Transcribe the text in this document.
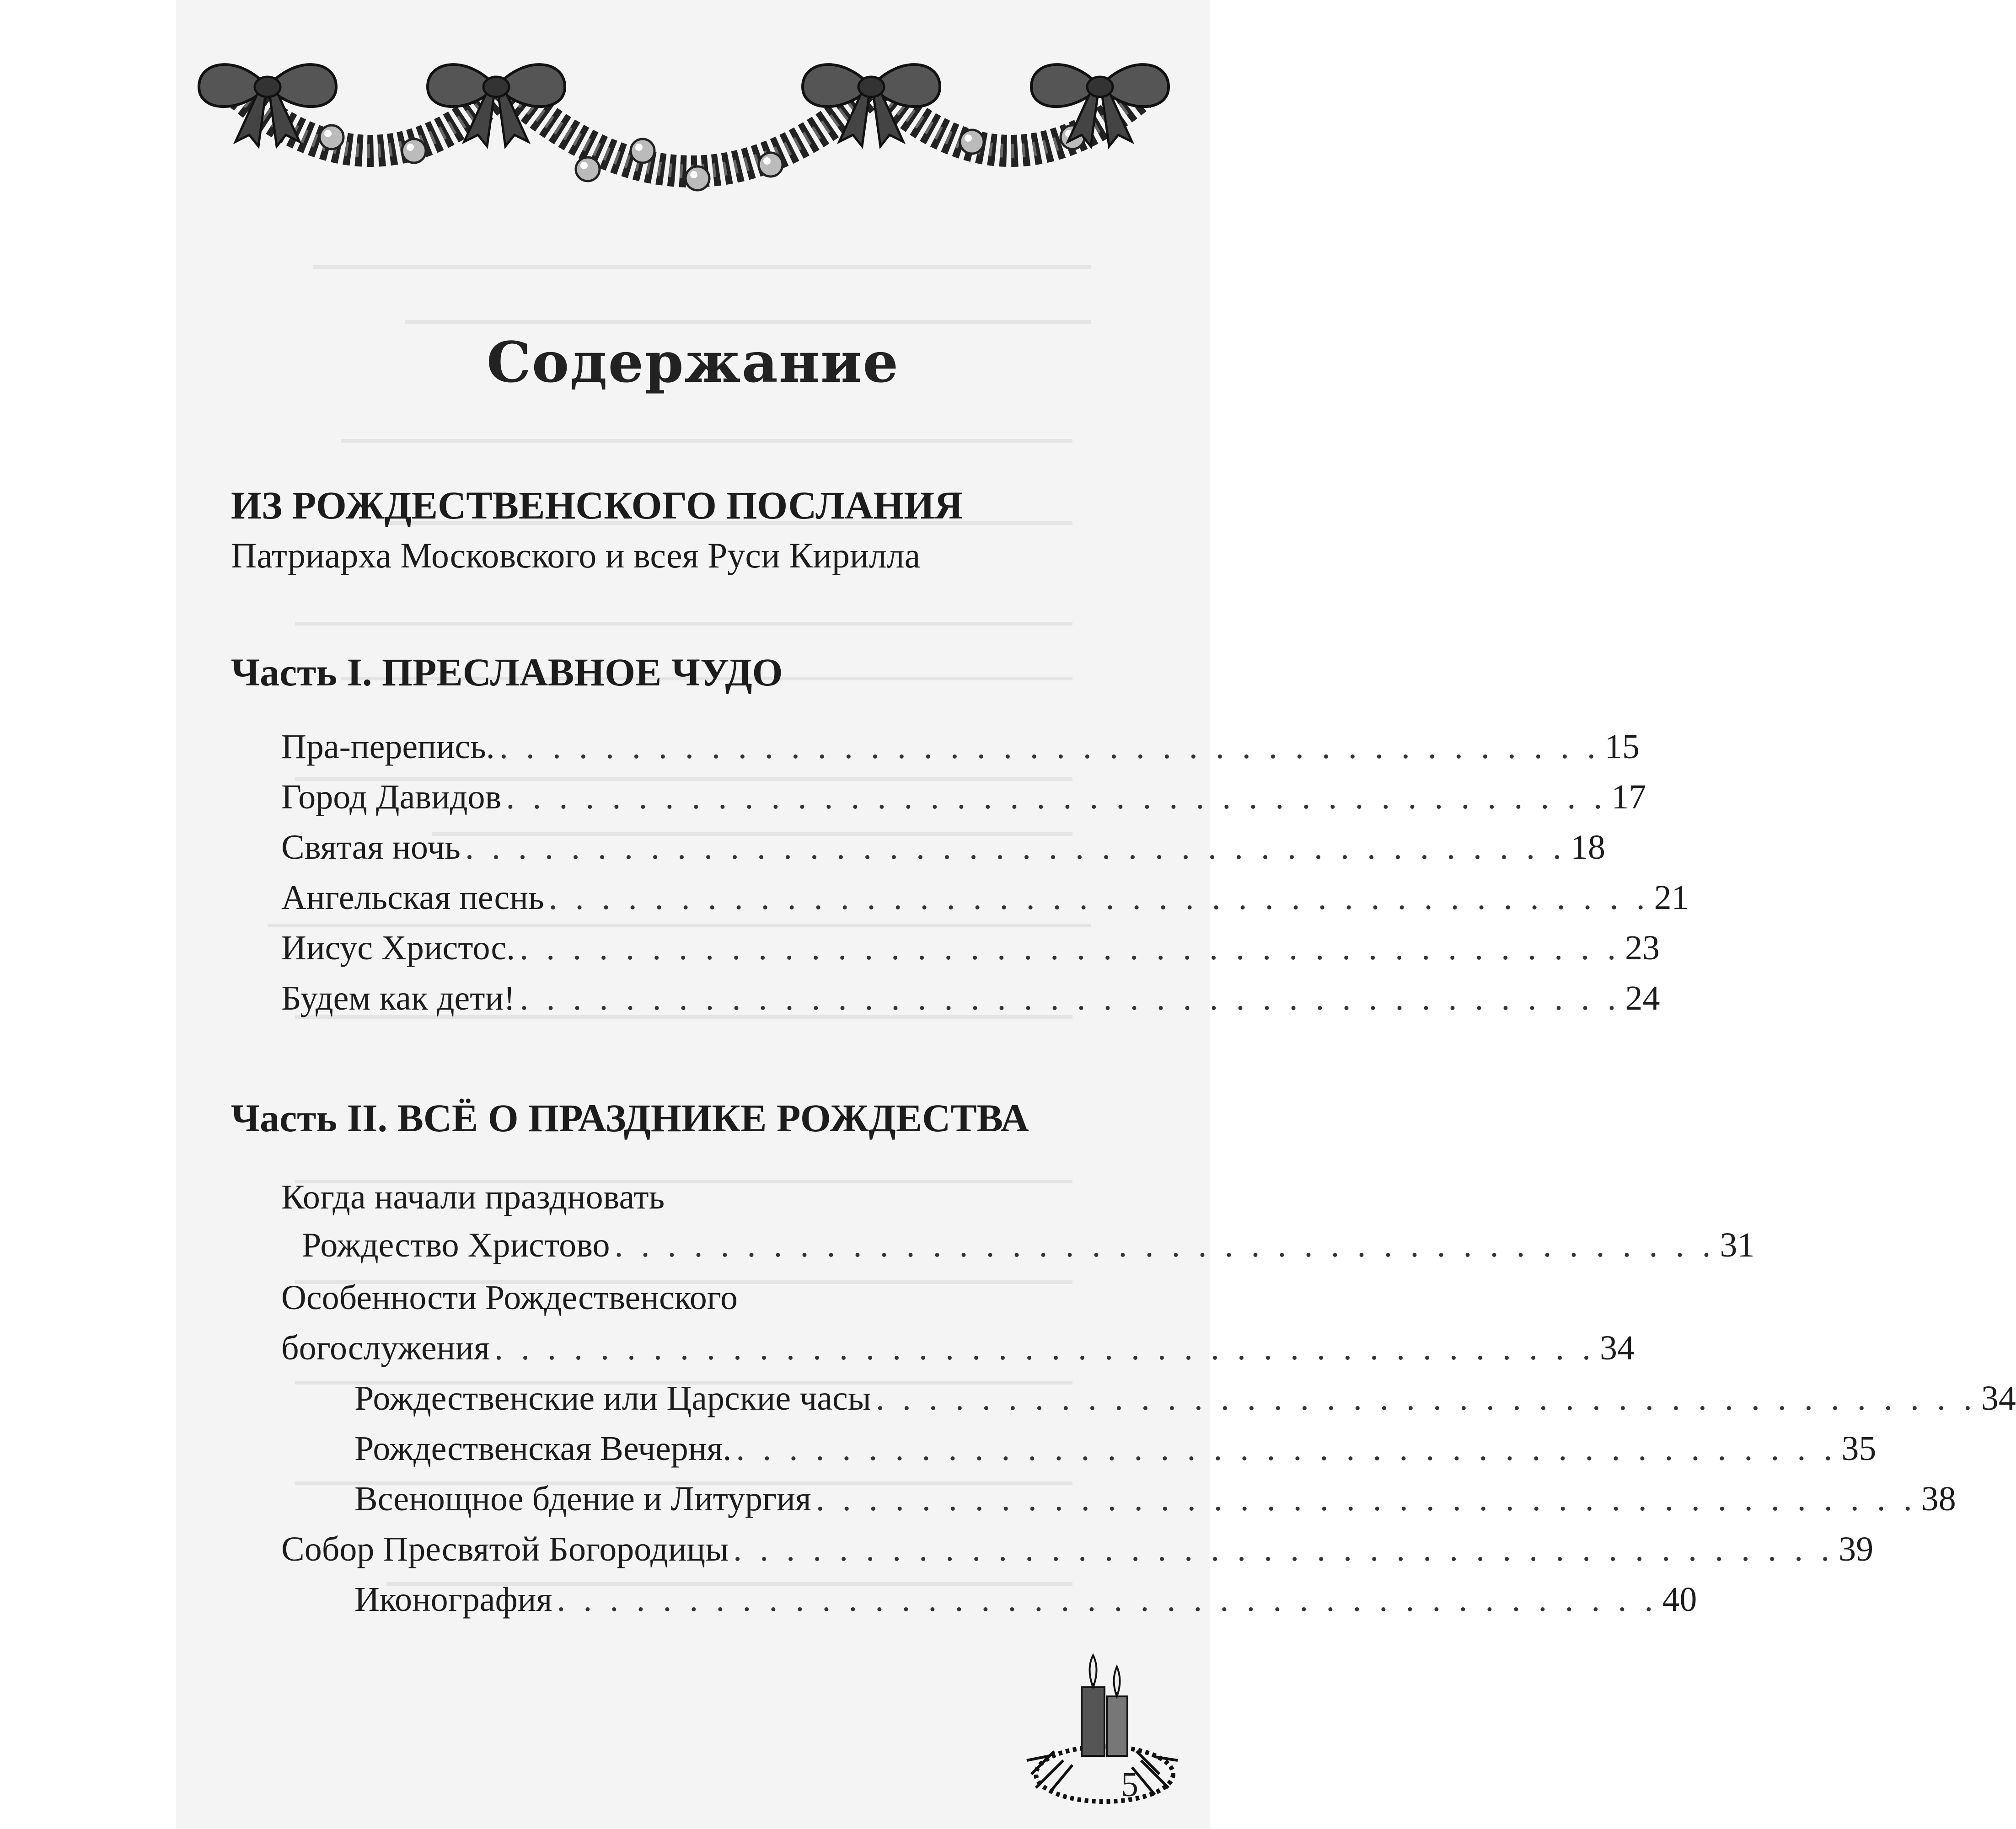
Содержание
ИЗ РОЖДЕСТВЕНСКОГО ПОСЛАНИЯ
Патриарха Московского и всея Руси Кирилла
Часть I. ПРЕСЛАВНОЕ ЧУДО
Пра-перепись. . . . . . . . . . . . . . . . . . . . . . . . . . . . . . . . . . . . . . . . . . . 15
Город Давидов . . . . . . . . . . . . . . . . . . . . . . . . . . . . . . . . . . . . . . . . . . 17
Святая ночь . . . . . . . . . . . . . . . . . . . . . . . . . . . . . . . . . . . . . . . . . . 18
Ангельская песнь . . . . . . . . . . . . . . . . . . . . . . . . . . . . . . . . . . . . . . . . . . 21
Иисус Христос. . . . . . . . . . . . . . . . . . . . . . . . . . . . . . . . . . . . . . . . . . . 23
Будем как дети! . . . . . . . . . . . . . . . . . . . . . . . . . . . . . . . . . . . . . . . . . . 24
Часть II. ВСЁ О ПРАЗДНИКЕ РОЖДЕСТВА
Когда начали праздновать
Рождество Христово . . . . . . . . . . . . . . . . . . . . . . . . . . . . . . . . . . . . . . . . . . 31
Особенности Рождественского
богослужения . . . . . . . . . . . . . . . . . . . . . . . . . . . . . . . . . . . . . . . . . . 34
Рождественские или Царские часы . . . . . . . . . . . . . . . . . . . . . . . . . . . . . . . . . . . . . . . . . . 34
Рождественская Вечерня. . . . . . . . . . . . . . . . . . . . . . . . . . . . . . . . . . . . . . . . . . . 35
Всенощное бдение и Литургия . . . . . . . . . . . . . . . . . . . . . . . . . . . . . . . . . . . . . . . . . . 38
Собор Пресвятой Богородицы . . . . . . . . . . . . . . . . . . . . . . . . . . . . . . . . . . . . . . . . . . 39
Иконография . . . . . . . . . . . . . . . . . . . . . . . . . . . . . . . . . . . . . . . . . . 40
5
